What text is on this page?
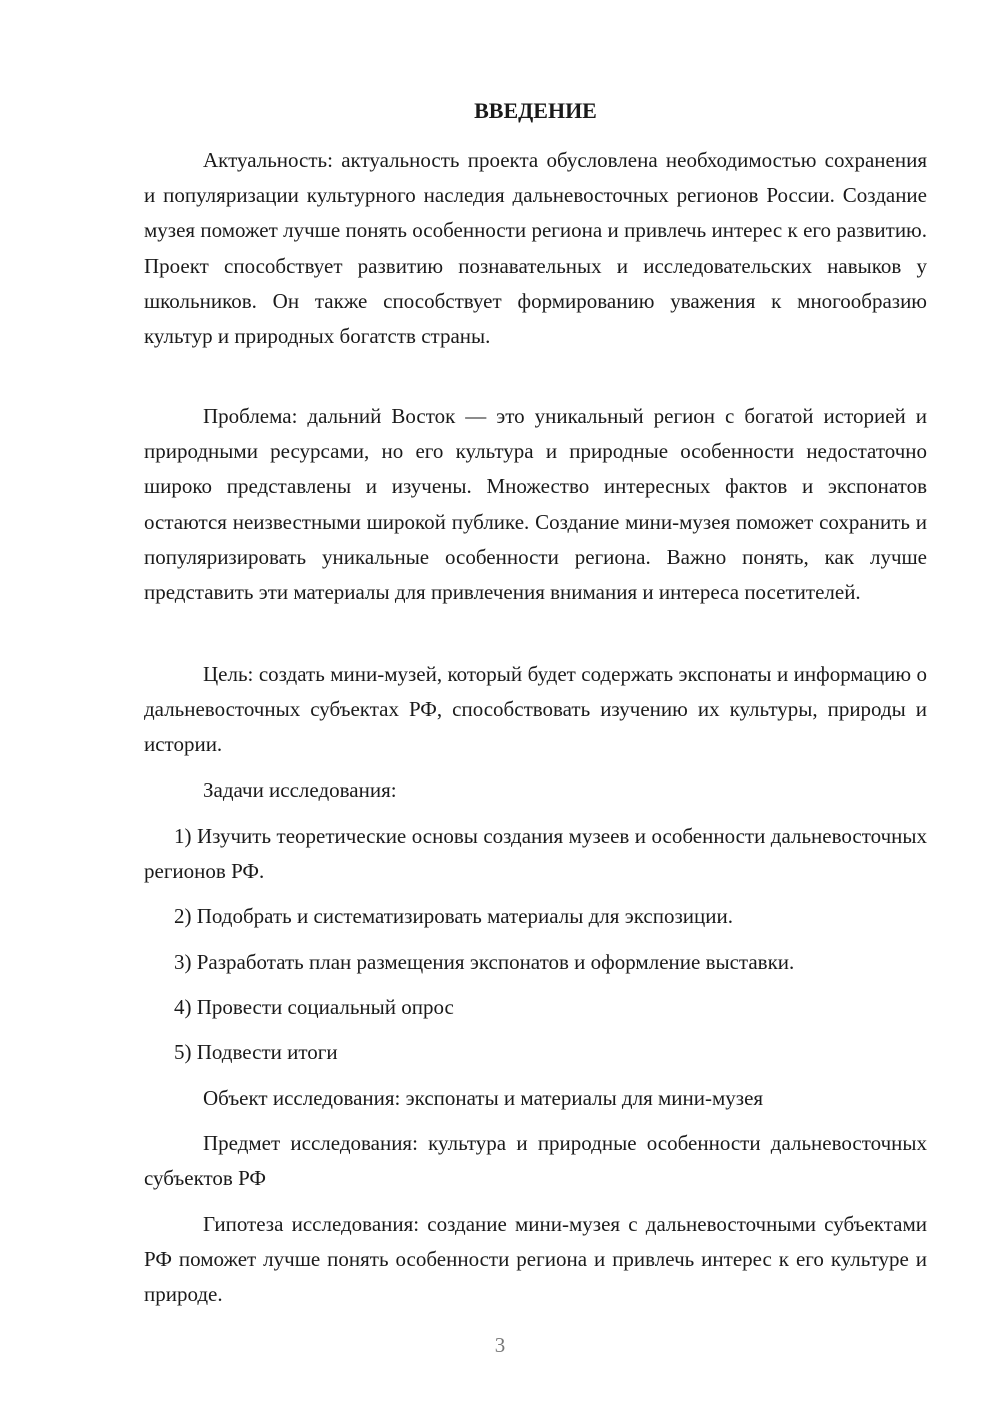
ВВЕДЕНИЕ

Актуальность: актуальность проекта обусловлена необходимостью сохранения и популяризации культурного наследия дальневосточных регионов России. Создание музея поможет лучше понять особенности региона и привлечь интерес к его развитию. Проект способствует развитию познавательных и исследовательских навыков у школьников. Он также способствует формированию уважения к многообразию культур и природных богатств страны.

Проблема: дальний Восток — это уникальный регион с богатой историей и природными ресурсами, но его культура и природные особенности недостаточно широко представлены и изучены. Множество интересных фактов и экспонатов остаются неизвестными широкой публике. Создание мини-музея поможет сохранить и популяризировать уникальные особенности региона. Важно понять, как лучше представить эти материалы для привлечения внимания и интереса посетителей.

Цель: создать мини-музей, который будет содержать экспонаты и информацию о дальневосточных субъектах РФ, способствовать изучению их культуры, природы и истории.

Задачи исследования:

1) Изучить теоретические основы создания музеев и особенности дальневосточных регионов РФ.

2) Подобрать и систематизировать материалы для экспозиции.

3) Разработать план размещения экспонатов и оформление выставки.

4) Провести социальный опрос

5) Подвести итоги

Объект исследования: экспонаты и материалы для мини-музея

Предмет исследования: культура и природные особенности дальневосточных субъектов РФ

Гипотеза исследования: создание мини-музея с дальневосточными субъектами РФ поможет лучше понять особенности региона и привлечь интерес к его культуре и природе.

3
